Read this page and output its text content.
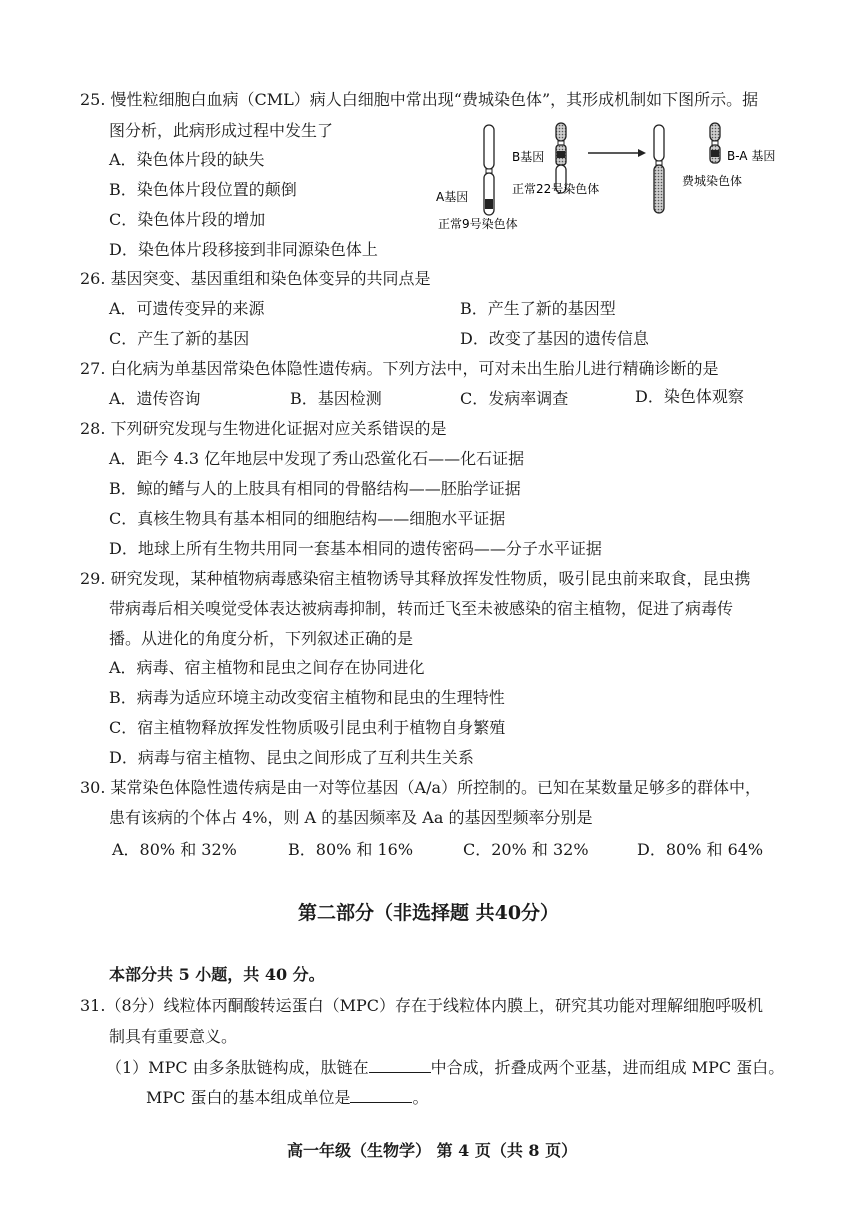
25. 慢性粒细胞白血病（CML）病人白细胞中常出现“费城染色体”，其形成机制如下图所示。据
图分析，此病形成过程中发生了
A．染色体片段的缺失
B．染色体片段位置的颠倒
C．染色体片段的增加
D．染色体片段移接到非同源染色体上
A基因
正常9号染色体
B基因
正常22号染色体
B-A 基因
费城染色体
26. 基因突变、基因重组和染色体变异的共同点是
A．可遗传变异的来源	B．产生了新的基因型
C．产生了新的基因	D．改变了基因的遗传信息
27. 白化病为单基因常染色体隐性遗传病。下列方法中，可对未出生胎儿进行精确诊断的是
A．遗传咨询	B．基因检测	C．发病率调查	D．染色体观察
28. 下列研究发现与生物进化证据对应关系错误的是
A．距今 4.3 亿年地层中发现了秀山恐鲎化石——化石证据
B．鲸的鳍与人的上肢具有相同的骨骼结构——胚胎学证据
C．真核生物具有基本相同的细胞结构——细胞水平证据
D．地球上所有生物共用同一套基本相同的遗传密码——分子水平证据
29. 研究发现，某种植物病毒感染宿主植物诱导其释放挥发性物质，吸引昆虫前来取食，昆虫携
带病毒后相关嗅觉受体表达被病毒抑制，转而迁飞至未被感染的宿主植物，促进了病毒传
播。从进化的角度分析，下列叙述正确的是
A．病毒、宿主植物和昆虫之间存在协同进化
B．病毒为适应环境主动改变宿主植物和昆虫的生理特性
C．宿主植物释放挥发性物质吸引昆虫利于植物自身繁殖
D．病毒与宿主植物、昆虫之间形成了互利共生关系
30. 某常染色体隐性遗传病是由一对等位基因（A/a）所控制的。已知在某数量足够多的群体中，
患有该病的个体占 4%，则 A 的基因频率及 Aa 的基因型频率分别是
A．80% 和 32%	B．80% 和 16%	C．20% 和 32%	D．80% 和 64%
第二部分（非选择题 共40分）
本部分共 5 小题，共 40 分。
31.（8分）线粒体丙酮酸转运蛋白（MPC）存在于线粒体内膜上，研究其功能对理解细胞呼吸机
制具有重要意义。
（1）MPC 由多条肽链构成，肽链在	中合成，折叠成两个亚基，进而组成 MPC 蛋白。
MPC 蛋白的基本组成单位是	。
高一年级（生物学） 第 4 页（共 8 页）
